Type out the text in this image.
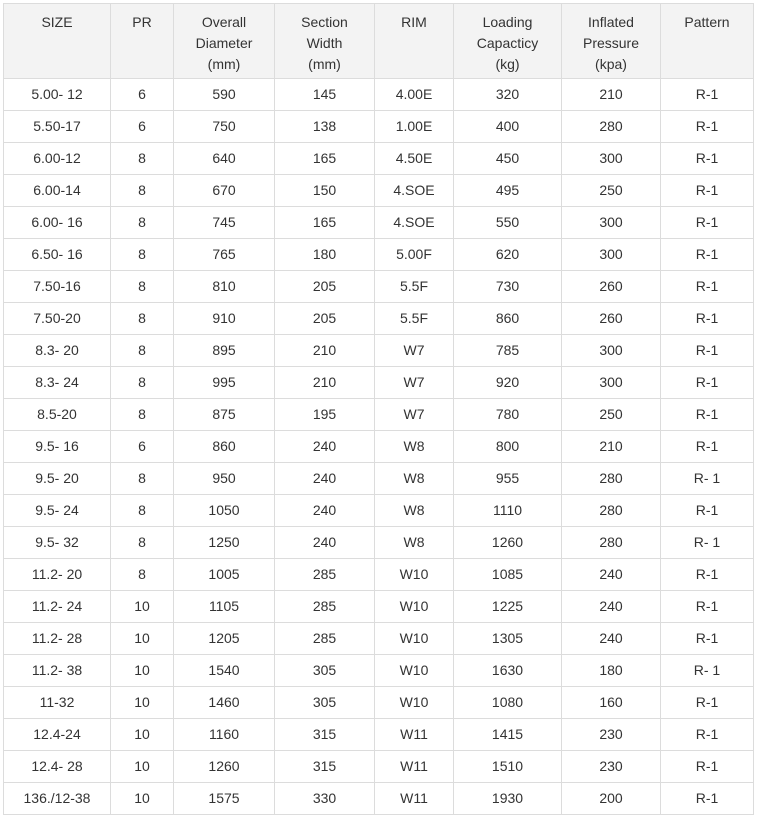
SIZE	PR	Overall
Diameter
(mm)	Section
Width
(mm)	RIM	Loading
Capacticy
(kg)	Inflated
Pressure
(kpa)	Pattern

5.00- 12	6	590	145	4.00E	320	210	R-1
5.50-17	6	750	138	1.00E	400	280	R-1
6.00-12	8	640	165	4.50E	450	300	R-1
6.00-14	8	670	150	4.SOE	495	250	R-1
6.00- 16	8	745	165	4.SOE	550	300	R-1
6.50- 16	8	765	180	5.00F	620	300	R-1
7.50-16	8	810	205	5.5F	730	260	R-1
7.50-20	8	910	205	5.5F	860	260	R-1
8.3- 20	8	895	210	W7	785	300	R-1
8.3- 24	8	995	210	W7	920	300	R-1
8.5-20	8	875	195	W7	780	250	R-1
9.5- 16	6	860	240	W8	800	210	R-1
9.5- 20	8	950	240	W8	955	280	R- 1
9.5- 24	8	1050	240	W8	1110	280	R-1
9.5- 32	8	1250	240	W8	1260	280	R- 1
11.2- 20	8	1005	285	W10	1085	240	R-1
11.2- 24	10	1105	285	W10	1225	240	R-1
11.2- 28	10	1205	285	W10	1305	240	R-1
11.2- 38	10	1540	305	W10	1630	180	R- 1
11-32	10	1460	305	W10	1080	160	R-1
12.4-24	10	1160	315	W11	1415	230	R-1
12.4- 28	10	1260	315	W11	1510	230	R-1
136./12-38	10	1575	330	W11	1930	200	R-1
